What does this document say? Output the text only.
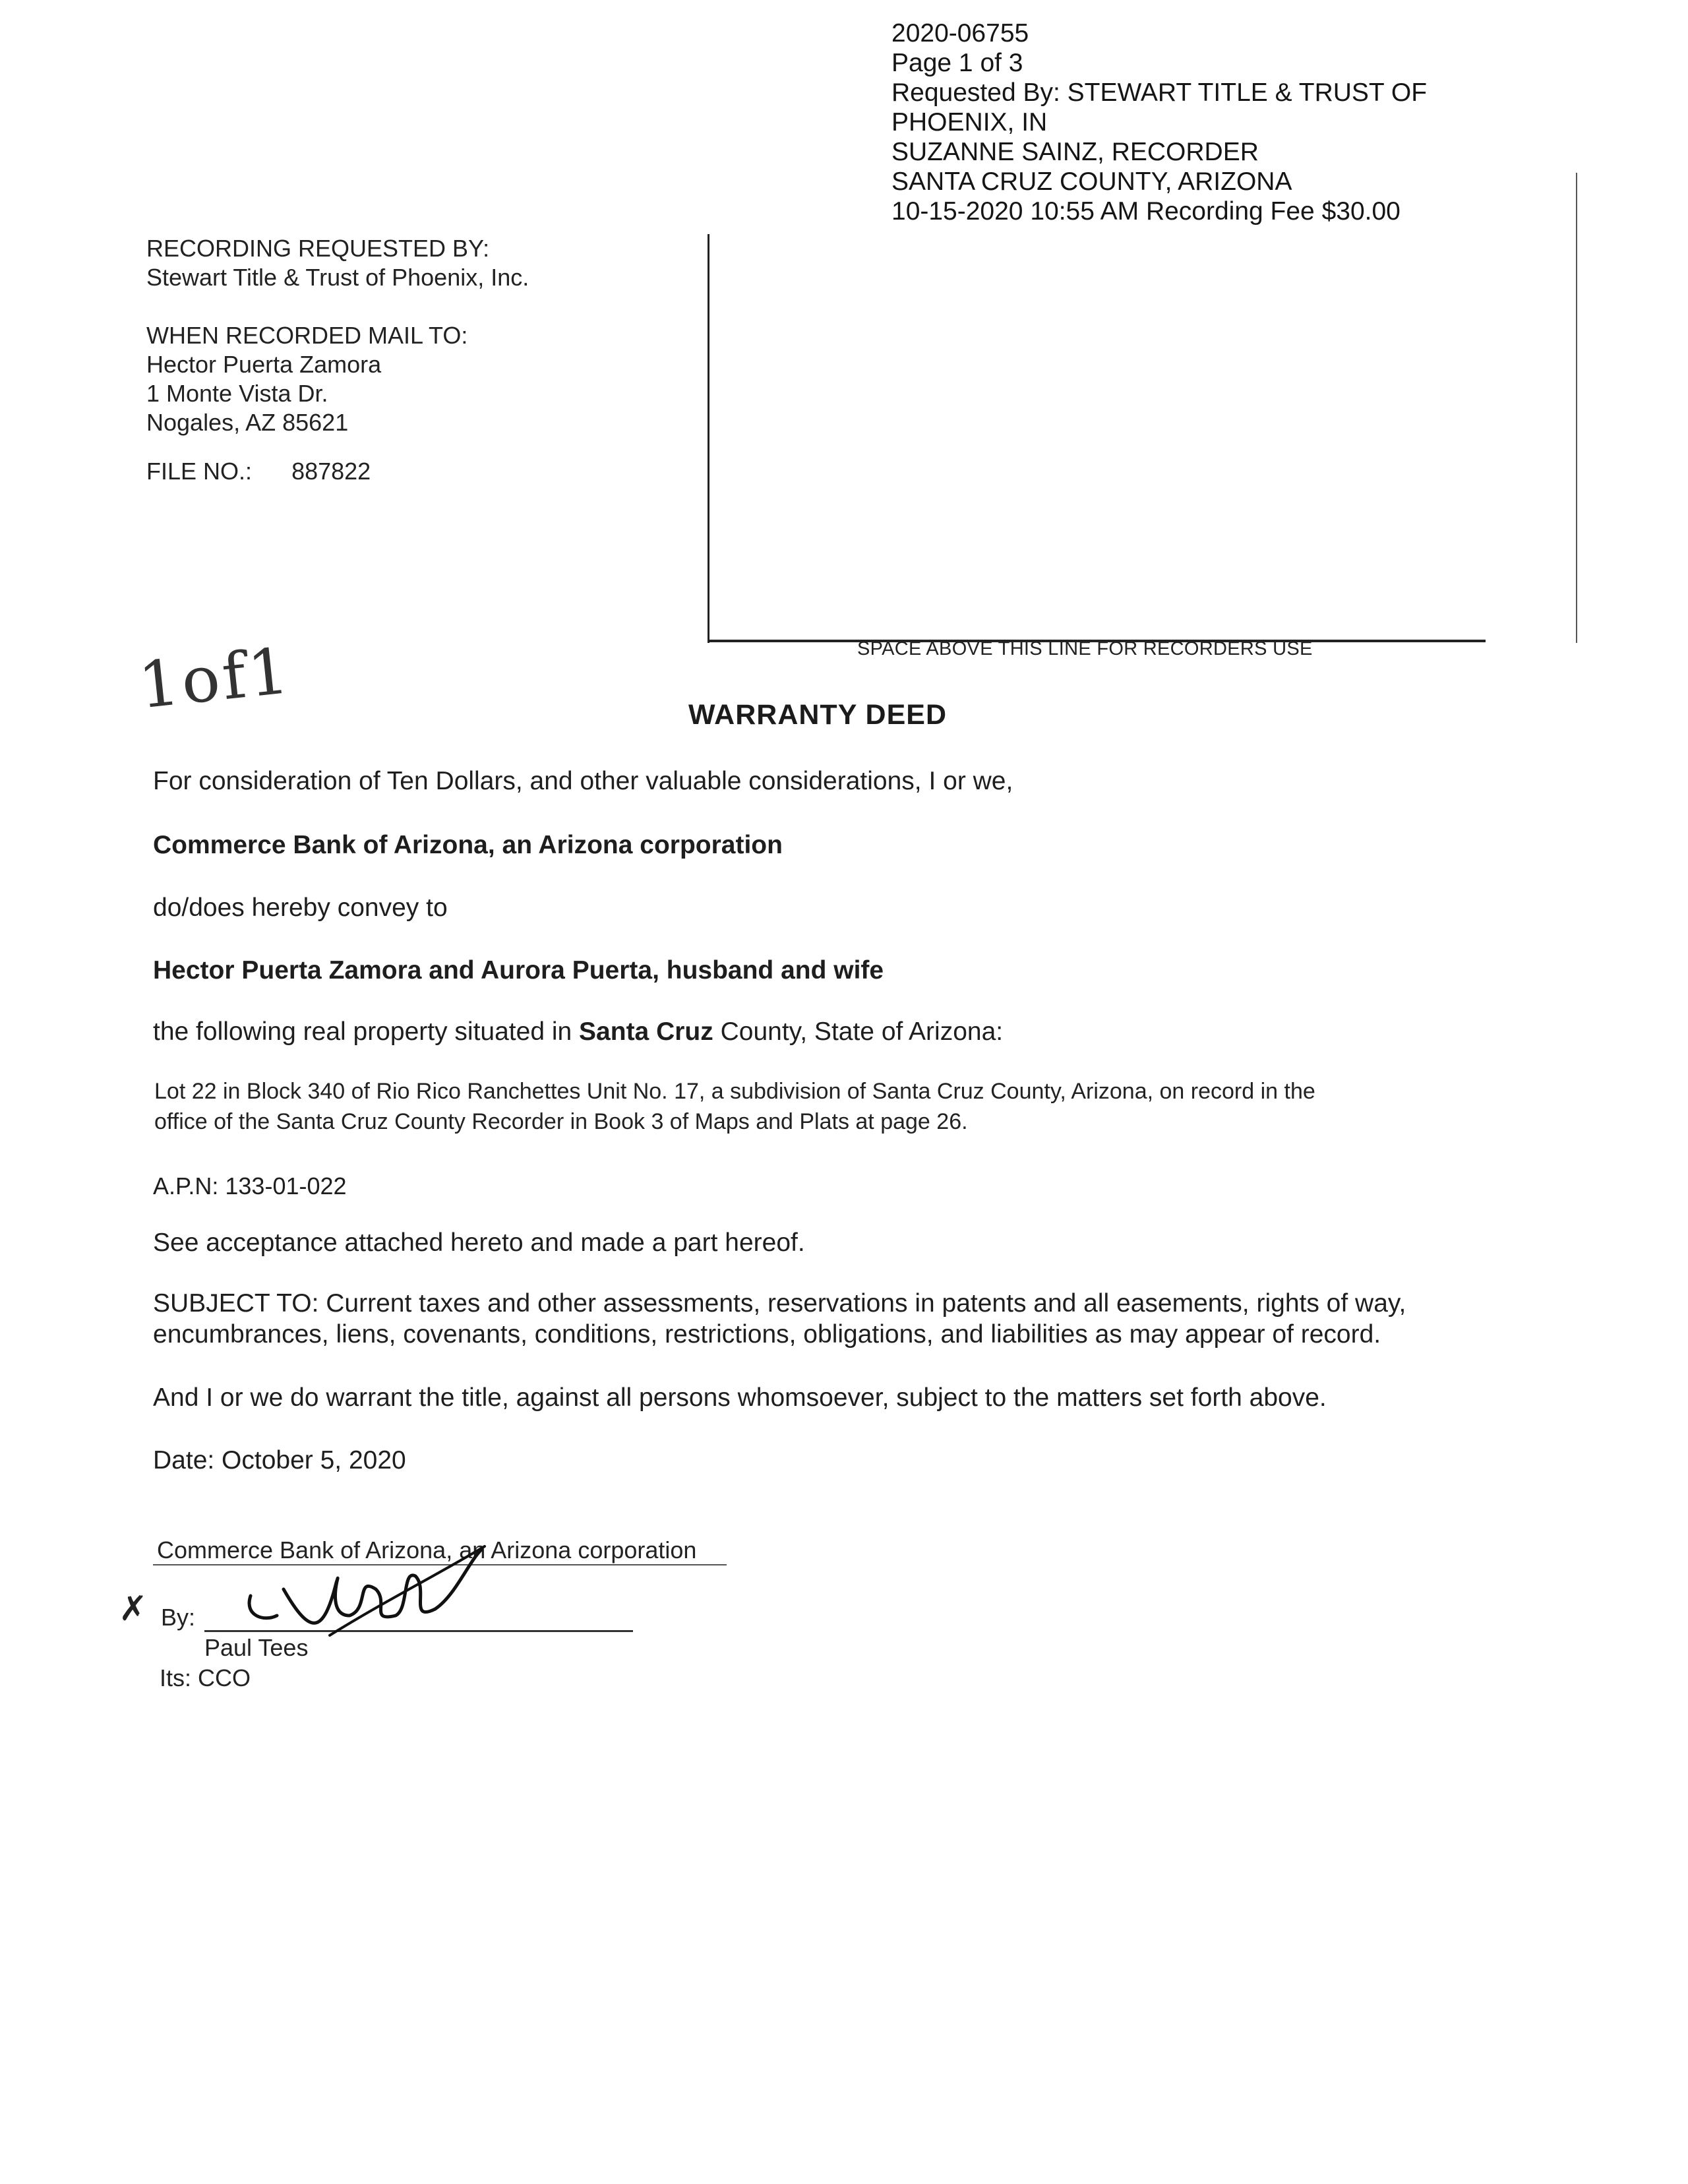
2020-06755
Page 1 of 3
Requested By: STEWART TITLE & TRUST OF
PHOENIX, IN
SUZANNE SAINZ, RECORDER
SANTA CRUZ COUNTY, ARIZONA
10-15-2020 10:55 AM Recording Fee $30.00
RECORDING REQUESTED BY:
Stewart Title & Trust of Phoenix, Inc.
WHEN RECORDED MAIL TO:
Hector Puerta Zamora
1 Monte Vista Dr.
Nogales, AZ 85621
FILE NO.: 887822
SPACE ABOVE THIS LINE FOR RECORDERS USE
1of1	WARRANTY DEED
For consideration of Ten Dollars, and other valuable considerations, I or we,
Commerce Bank of Arizona, an Arizona corporation
do/does hereby convey to
Hector Puerta Zamora and Aurora Puerta, husband and wife
the following real property situated in Santa Cruz County, State of Arizona:
Lot 22 in Block 340 of Rio Rico Ranchettes Unit No. 17, a subdivision of Santa Cruz County, Arizona, on record in the
office of the Santa Cruz County Recorder in Book 3 of Maps and Plats at page 26.
A.P.N: 133-01-022
See acceptance attached hereto and made a part hereof.
SUBJECT TO: Current taxes and other assessments, reservations in patents and all easements, rights of way,
encumbrances, liens, covenants, conditions, restrictions, obligations, and liabilities as may appear of record.
And I or we do warrant the title, against all persons whomsoever, subject to the matters set forth above.
Date: October 5, 2020
Commerce Bank of Arizona, an Arizona corporation
✗ By:
Paul Tees
Its: CCO
